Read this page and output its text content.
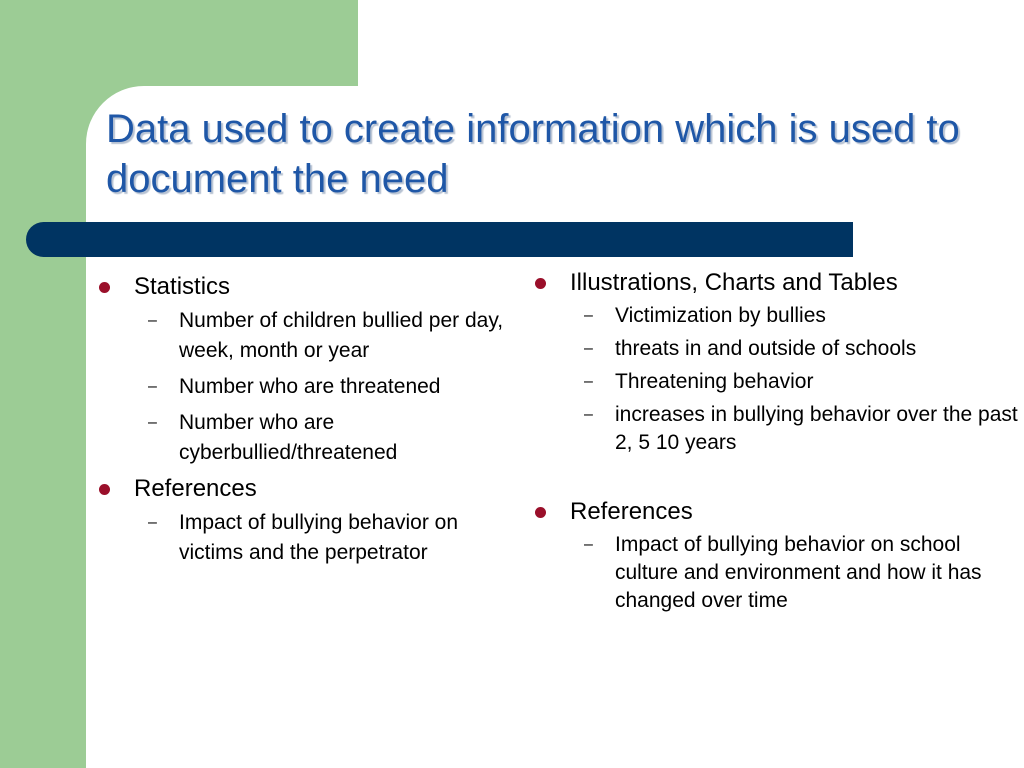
Data used to create information which is used to document the need
Statistics
– Number of children bullied per day, week, month or year
– Number who are threatened
– Number who are cyberbullied/threatened
References
– Impact of bullying behavior on victims and the perpetrator
Illustrations, Charts and Tables
– Victimization by bullies
– threats in and outside of schools
– Threatening behavior
– increases in bullying behavior over the past 2, 5 10 years
References
– Impact of bullying behavior on school culture and environment and how it has changed over time
